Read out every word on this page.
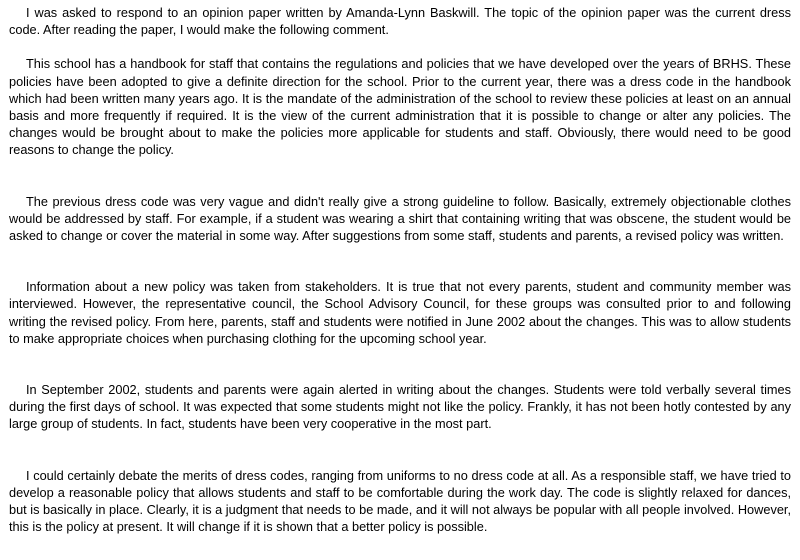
I was asked to respond to an opinion paper written by Amanda-Lynn Baskwill. The topic of the opinion paper was the current dress code. After reading the paper, I would make the following comment.

This school has a handbook for staff that contains the regulations and policies that we have developed over the years of BRHS. These policies have been adopted to give a definite direction for the school. Prior to the current year, there was a dress code in the handbook which had been written many years ago. It is the mandate of the administration of the school to review these policies at least on an annual basis and more frequently if required. It is the view of the current administration that it is possible to change or alter any policies. The changes would be brought about to make the policies more applicable for students and staff. Obviously, there would need to be good reasons to change the policy.

The previous dress code was very vague and didn't really give a strong guideline to follow. Basically, extremely objectionable clothes would be addressed by staff. For example, if a student was wearing a shirt that containing writing that was obscene, the student would be asked to change or cover the material in some way. After suggestions from some staff, students and parents, a revised policy was written.

Information about a new policy was taken from stakeholders. It is true that not every parents, student and community member was interviewed. However, the representative council, the School Advisory Council, for these groups was consulted prior to and following writing the revised policy. From here, parents, staff and students were notified in June 2002 about the changes. This was to allow students to make appropriate choices when purchasing clothing for the upcoming school year.

In September 2002, students and parents were again alerted in writing about the changes. Students were told verbally several times during the first days of school. It was expected that some students might not like the policy. Frankly, it has not been hotly contested by any large group of students. In fact, students have been very cooperative in the most part.

I could certainly debate the merits of dress codes, ranging from uniforms to no dress code at all. As a responsible staff, we have tried to develop a reasonable policy that allows students and staff to be comfortable during the work day. The code is slightly relaxed for dances, but is basically in place. Clearly, it is a judgment that needs to be made, and it will not always be popular with all people involved. However, this is the policy at present. It will change if it is shown that a better policy is possible.
